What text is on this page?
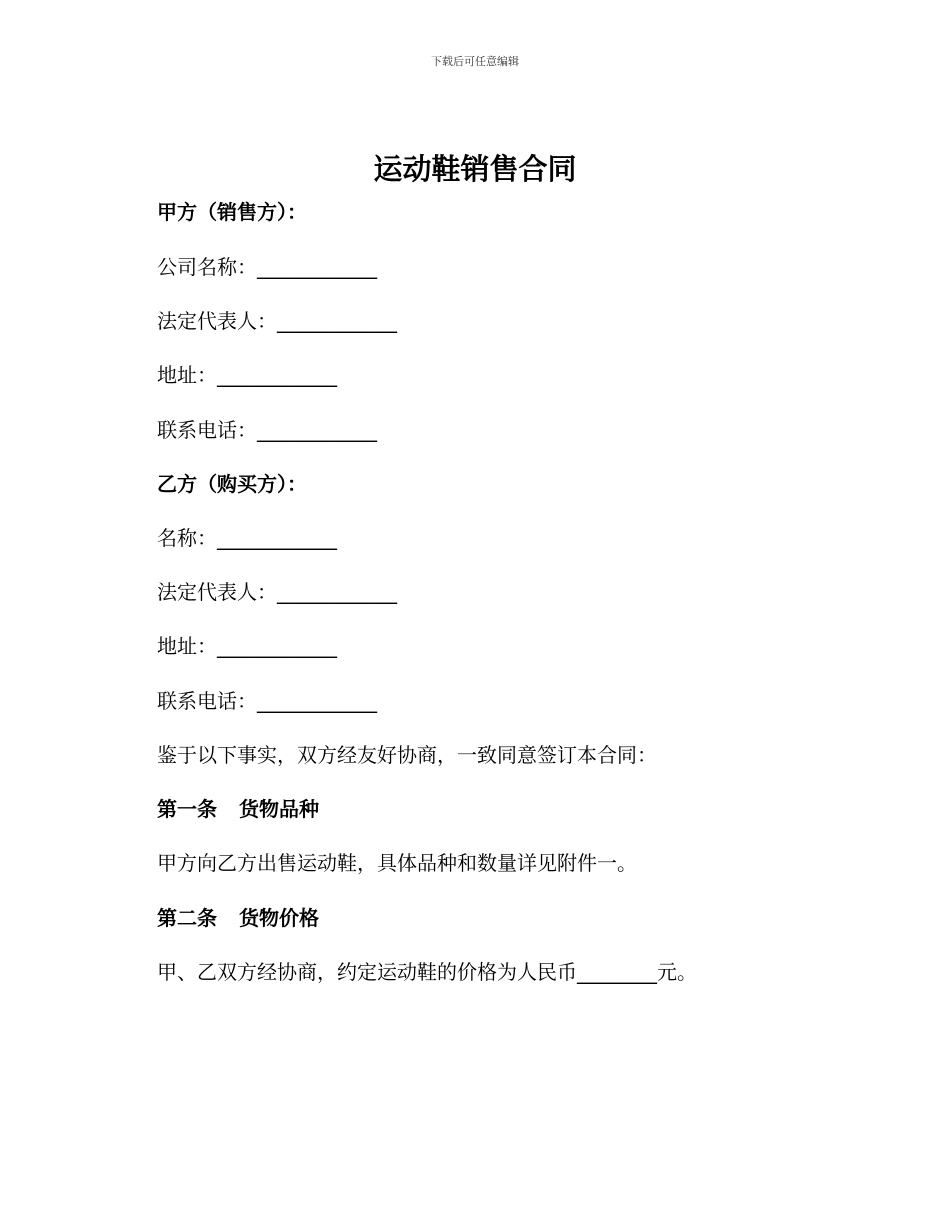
下载后可任意编辑
运动鞋销售合同

甲方（销售方）：

公司名称：____________

法定代表人：____________

地址：____________

联系电话：____________

乙方（购买方）：

名称：____________

法定代表人：____________

地址：____________

联系电话：____________

鉴于以下事实，双方经友好协商，一致同意签订本合同：

第一条 货物品种

甲方向乙方出售运动鞋，具体品种和数量详见附件一。

第二条 货物价格

甲、乙双方经协商，约定运动鞋的价格为人民币________元。
